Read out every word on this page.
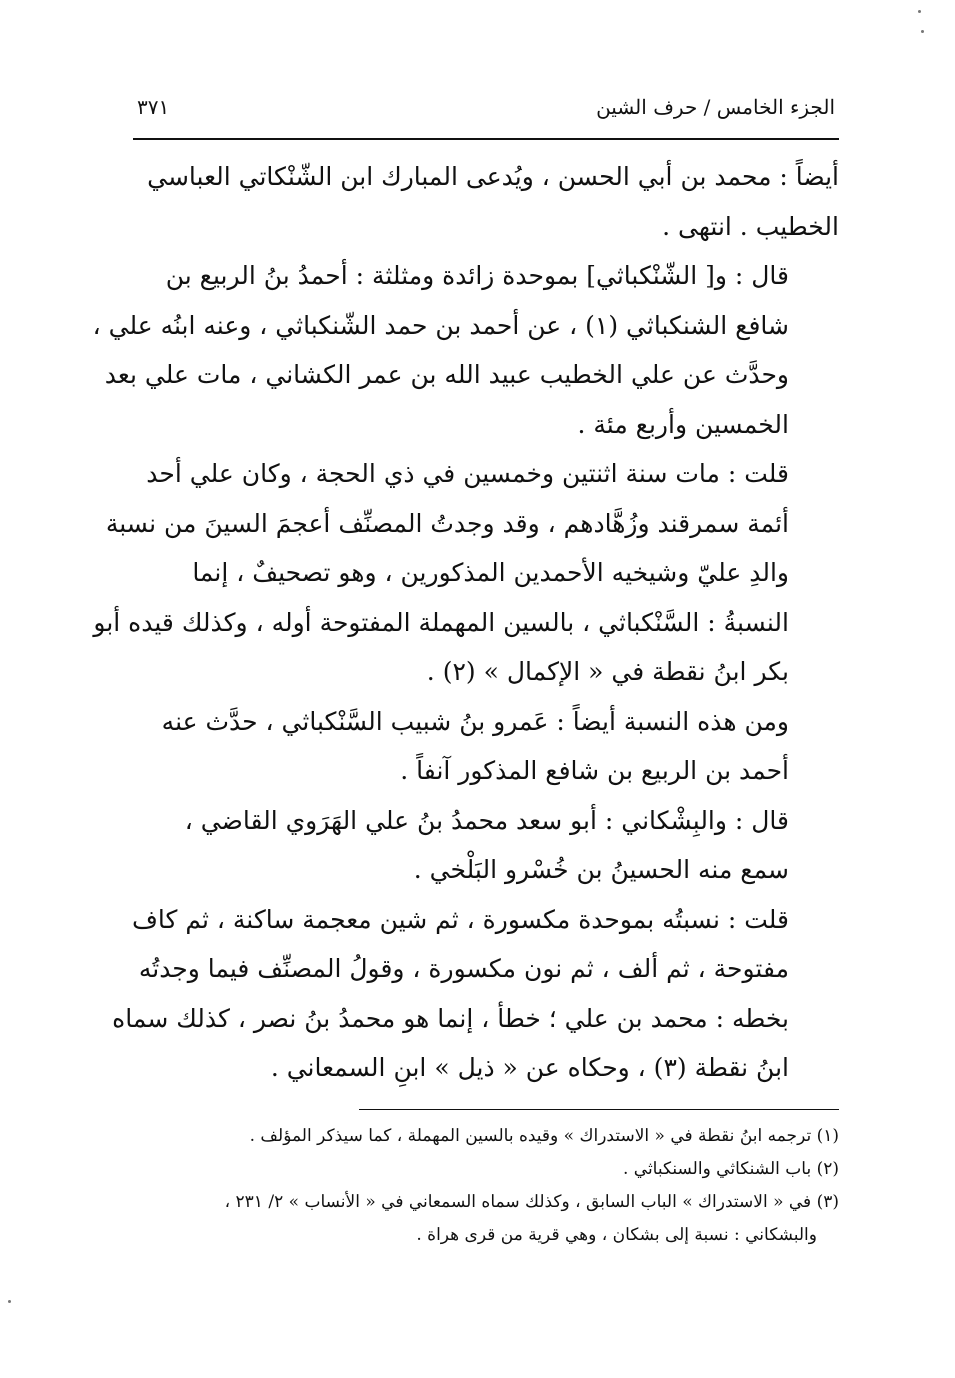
الجزء الخامس / حرف الشين
٣٧١

أيضاً : محمد بن أبي الحسن ، ويُدعى المبارك ابن الشّنْكاتي العباسي
الخطيب . انتهى .

قال : و[ الشّنْكباثي] بموحدة زائدة ومثلثة : أحمدُ بنُ الربيع بن
شافع الشنكباثي (١) ، عن أحمد بن حمد الشّنكباثي ، وعنه ابنُه علي ،
وحدَّث عن علي الخطيب عبيد الله بن عمر الكشاني ، مات علي بعد
الخمسين وأربع مئة .

قلت : مات سنة اثنتين وخمسين في ذي الحجة ، وكان علي أحد
أئمة سمرقند وزُهَّادهم ، وقد وجدتُ المصنِّف أعجمَ السينَ من نسبة
والدِ عليّ وشيخيه الأحمدين المذكورين ، وهو تصحيفٌ ، إنما
النسبةُ : السَّنْكباثي ، بالسين المهملة المفتوحة أوله ، وكذلك قيده أبو
بكر ابنُ نقطة في « الإكمال » (٢) .

ومن هذه النسبة أيضاً : عَمرو بنُ شبيب السَّنْكباثي ، حدَّث عنه
أحمد بن الربيع بن شافع المذكور آنفاً .

قال : والبِشْكاني : أبو سعد محمدُ بنُ علي الهَرَوي القاضي ،
سمع منه الحسينُ بن خُسْرو البَلْخي .

قلت : نسبتُه بموحدة مكسورة ، ثم شين معجمة ساكنة ، ثم كاف
مفتوحة ، ثم ألف ، ثم نون مكسورة ، وقولُ المصنِّف فيما وجدتُه
بخطه : محمد بن علي ؛ خطأ ، إنما هو محمدُ بنُ نصر ، كذلك سماه
ابنُ نقطة (٣) ، وحكاه عن « ذيل » ابنِ السمعاني .

(١) ترجمه ابنُ نقطة في « الاستدراك » وقيده بالسين المهملة ، كما سيذكر المؤلف .

(٢) باب الشنكاثي والسنكباثي .

(٣) في « الاستدراك » الباب السابق ، وكذلك سماه السمعاني في « الأنساب » ٢/ ٢٣١ ،

والبشكاني : نسبة إلى بشكان ، وهي قرية من قرى هراة .
